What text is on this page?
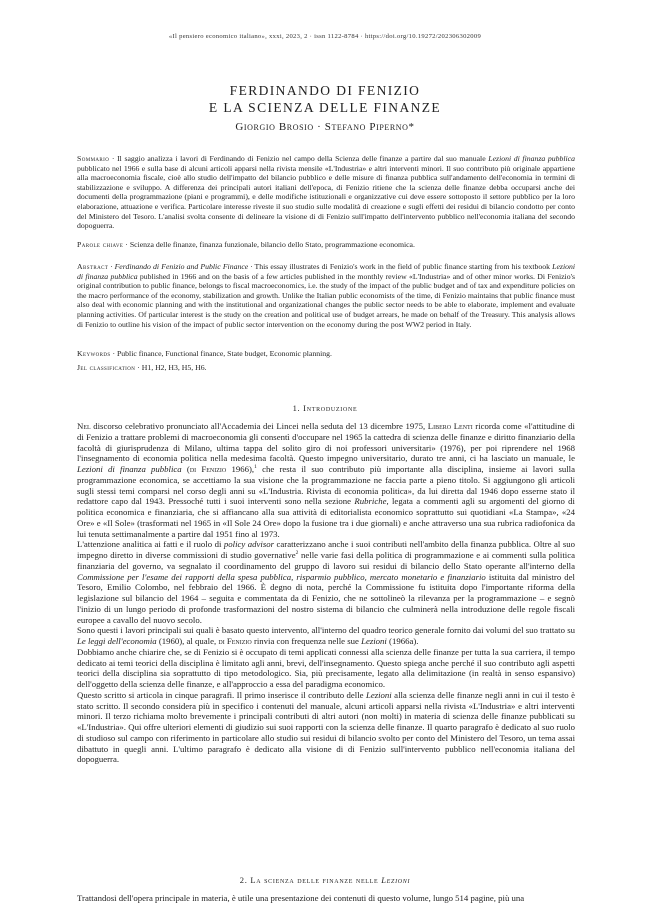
«Il pensiero economico italiano», xxxi, 2023, 2 · issn 1122-8784 · https://doi.org/10.19272/202306302009
FERDINANDO DI FENIZIO
E LA SCIENZA DELLE FINANZE
Giorgio Brosio · Stefano Piperno*
Sommario · Il saggio analizza i lavori di Ferdinando di Fenizio nel campo della Scienza delle finanze a partire dal suo manuale Lezioni di finanza pubblica pubblicato nel 1966 e sulla base di alcuni articoli apparsi nella rivista mensile «L'Industria» e altri interventi minori. Il suo contributo più originale appartiene alla macroeconomia fiscale, cioè allo studio dell'impatto del bilancio pubblico e delle misure di finanza pubblica sull'andamento dell'economia in termini di stabilizzazione e sviluppo. A differenza dei principali autori italiani dell'epoca, di Fenizio ritiene che la scienza delle finanze debba occuparsi anche dei documenti della programmazione (piani e programmi), e delle modifiche istituzionali e organizzative cui deve essere sottoposto il settore pubblico per la loro elaborazione, attuazione e verifica. Particolare interesse riveste il suo studio sulle modalità di creazione e sugli effetti dei residui di bilancio condotto per conto del Ministero del Tesoro. L'analisi svolta consente di delineare la visione di di Fenizio sull'impatto dell'intervento pubblico nell'economia italiana del secondo dopoguerra.
Parole chiave · Scienza delle finanze, finanza funzionale, bilancio dello Stato, programmazione economica.
Abstract · Ferdinando di Fenizio and Public Finance · This essay illustrates di Fenizio's work in the field of public finance starting from his textbook Lezioni di finanza pubblica published in 1966 and on the basis of a few articles published in the monthly review «L'Industria» and of other minor works. Di Fenizio's original contribution to public finance, belongs to fiscal macroeconomics, i.e. the study of the impact of the public budget and of tax and expenditure policies on the macro performance of the economy, stabilization and growth. Unlike the Italian public economists of the time, di Fenizio maintains that public finance must also deal with economic planning and with the institutional and organizational changes the public sector needs to be able to elaborate, implement and evaluate planning activities. Of particular interest is the study on the creation and political use of budget arrears, he made on behalf of the Treasury. This analysis allows di Fenizio to outline his vision of the impact of public sector intervention on the economy during the post WW2 period in Italy.
Keywords · Public finance, Functional finance, State budget, Economic planning.
Jel classification · H1, H2, H3, H5, H6.
1. Introduzione

Nel discorso celebrativo pronunciato all'Accademia dei Lincei nella seduta del 13 dicembre 1975, Libero Lenti ricorda come «l'attitudine di di Fenizio a trattare problemi di macroeconomia gli consentì d'occupare nel 1965 la cattedra di scienza delle finanze e diritto finanziario della facoltà di giurisprudenza di Milano, ultima tappa del solito giro di noi professori universitari» (1976), per poi riprendere nel 1968 l'insegnamento di economia politica nella medesima facoltà. Questo impegno universitario, durato tre anni, ci ha lasciato un manuale, le Lezioni di finanza pubblica (di Fenizio 1966),$^1$ che resta il suo contributo più importante alla disciplina, insieme ai lavori sulla programmazione economica, se accettiamo la sua visione che la programmazione ne faccia parte a pieno titolo. Si aggiungono gli articoli sugli stessi temi comparsi nel corso degli anni su «L'Industria. Rivista di economia politica», da lui diretta dal 1946 dopo esserne stato il redattore capo dal 1943. Pressoché tutti i suoi interventi sono nella sezione Rubriche, legata a commenti agli su argomenti del giorno di politica economica e finanziaria, che si affiancano alla sua attività di editorialista economico soprattutto sui quotidiani «La Stampa», «24 Ore» e «Il Sole» (trasformati nel 1965 in «Il Sole 24 Ore» dopo la fusione tra i due giornali) e anche attraverso una sua rubrica radiofonica da lui tenuta settimanalmente a partire dal 1951 fino al 1973.

L'attenzione analitica ai fatti e il ruolo di policy advisor caratterizzano anche i suoi contributi nell'ambito della finanza pubblica. Oltre al suo impegno diretto in diverse commissioni di studio governative$^2$ nelle varie fasi della politica di programmazione e ai commenti sulla politica finanziaria del governo, va segnalato il coordinamento del gruppo di lavoro sui residui di bilancio dello Stato operante all'interno della Commissione per l'esame dei rapporti della spesa pubblica, risparmio pubblico, mercato monetario e finanziario istituita dal ministro del Tesoro, Emilio Colombo, nel febbraio del 1966. È degno di nota, perché la Commissione fu istituita dopo l'importante riforma della legislazione sul bilancio del 1964 – seguita e commentata da di Fenizio, che ne sottolineò la rilevanza per la programmazione – e segnò l'inizio di un lungo periodo di profonde trasformazioni del nostro sistema di bilancio che culminerà nella introduzione delle regole fiscali europee a cavallo del nuovo secolo.

Sono questi i lavori principali sui quali è basato questo intervento, all'interno del quadro teorico generale fornito dai volumi del suo trattato su Le leggi dell'economia (1960), al quale, di Fenizio rinvia con frequenza nelle sue Lezioni (1966a).

Dobbiamo anche chiarire che, se di Fenizio si è occupato di temi applicati connessi alla scienza delle finanze per tutta la sua carriera, il tempo dedicato ai temi teorici della disciplina è limitato agli anni, brevi, dell'insegnamento. Questo spiega anche perché il suo contributo agli aspetti teorici della disciplina sia soprattutto di tipo metodologico. Sia, più precisamente, legato alla delimitazione (in realtà in senso espansivo) dell'oggetto della scienza delle finanze, e all'approccio a essa del paradigma economico.

Questo scritto si articola in cinque paragrafi. Il primo inserisce il contributo delle Lezioni alla scienza delle finanze negli anni in cui il testo è stato scritto. Il secondo considera più in specifico i contenuti del manuale, alcuni articoli apparsi nella rivista «L'Industria» e altri interventi minori. Il terzo richiama molto brevemente i principali contributi di altri autori (non molti) in materia di scienza delle finanze pubblicati su «L'Industria». Qui offre ulteriori elementi di giudizio sui suoi rapporti con la scienza delle finanze. Il quarto paragrafo è dedicato al suo ruolo di studioso sul campo con riferimento in particolare allo studio sui residui di bilancio svolto per conto del Ministero del Tesoro, un tema assai dibattuto in quegli anni. L'ultimo paragrafo è dedicato alla visione di di Fenizio sull'intervento pubblico nell'economia italiana del dopoguerra.

2. La scienza delle finanze nelle Lezioni

Trattandosi dell'opera principale in materia, è utile una presentazione dei contenuti di questo volume, lungo 514 pagine, più una
